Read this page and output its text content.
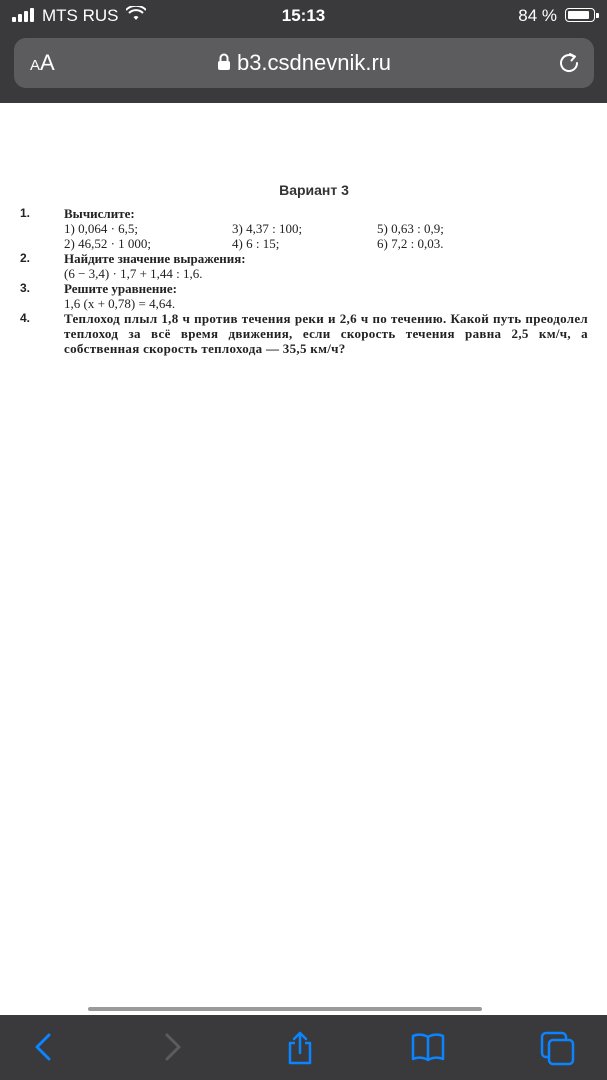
MTS RUS	15:13	84 %
AA	b3.csdnevnik.ru
Вариант 3
1.	Вычислите:
1) 0,064 · 6,5;	3) 4,37 : 100;	5) 0,63 : 0,9;
2) 46,52 · 1 000;	4) 6 : 15;	6) 7,2 : 0,03.
2.	Найдите значение выражения:
(6 − 3,4) · 1,7 + 1,44 : 1,6.
3.	Решите уравнение:
1,6 (x + 0,78) = 4,64.
4.	Теплоход плыл 1,8 ч против течения реки и 2,6 ч по течению. Какой путь преодолел теплоход за всё время движения, если скорость течения равна 2,5 км/ч, а собственная скорость теплохода — 35,5 км/ч?
